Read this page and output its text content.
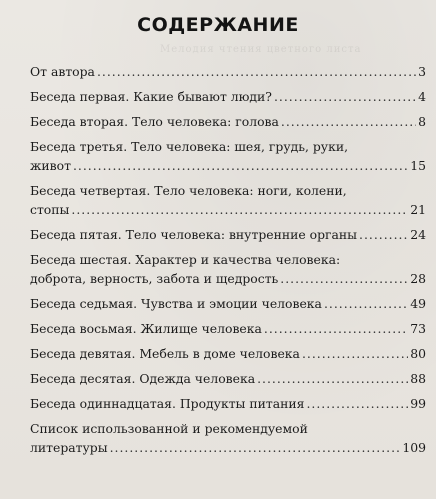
Мелодия чтения цветного листа
СОДЕРЖАНИЕ
От автора .....	3
Беседа первая. Какие бывают люди? .....	4
Беседа вторая. Тело человека: голова .....	8
Беседа третья. Тело человека: шея, грудь, руки,
живот .....	15
Беседа четвертая. Тело человека: ноги, колени,
стопы .....	21
Беседа пятая. Тело человека: внутренние органы .....	24
Беседа шестая. Характер и качества человека:
доброта, верность, забота и щедрость .....	28
Беседа седьмая. Чувства и эмоции человека .....	49
Беседа восьмая. Жилище человека .....	73
Беседа девятая. Мебель в доме человека .....	80
Беседа десятая. Одежда человека .....	88
Беседа одиннадцатая. Продукты питания .....	99
Список использованной и рекомендуемой
литературы .....	109
